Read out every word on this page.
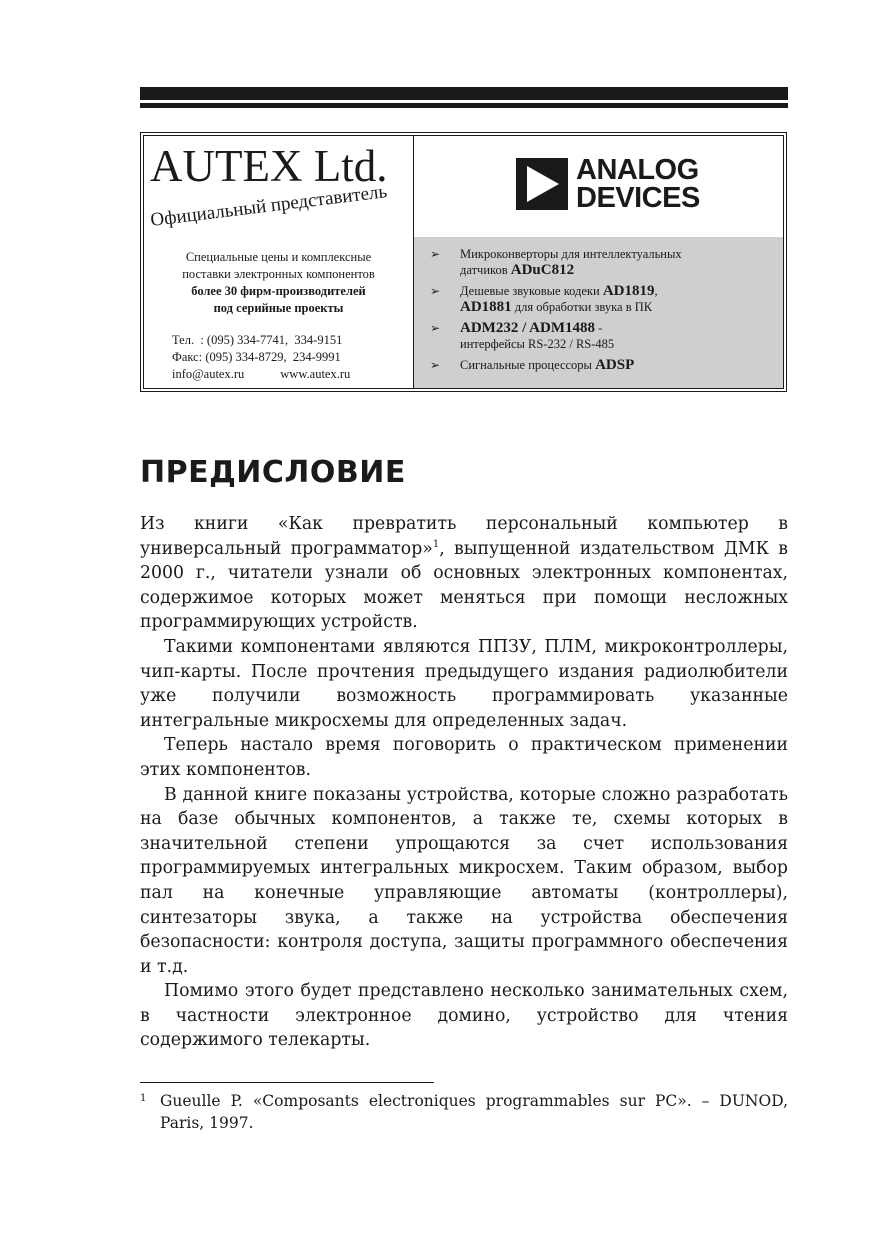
AUTEX Ltd.
Официальный представитель
Специальные цены и комплексные
поставки электронных компонентов
более 30 фирм-производителей
под серийные проекты
Тел.  : (095) 334-7741,  334-9151
Факс: (095) 334-8729,  234-9991
info@autex.ru	www.autex.ru
ANALOG
DEVICES
➢ Микроконверторы для интеллектуальных
датчиков ADuC812
➢ Дешевые звуковые кодеки AD1819,
AD1881 для обработки звука в ПК
➢ ADM232 / ADM1488 -
интерфейсы RS-232 / RS-485
➢ Сигнальные процессоры ADSP
ПРЕДИСЛОВИЕ

Из книги «Как превратить персональный компьютер в универсальный программатор»$^1$, выпущенной издательством ДМК в 2000 г., читатели узнали об основных электронных компонентах, содержимое которых может меняться при помощи несложных программирующих устройств.

Такими компонентами являются ППЗУ, ПЛМ, микроконтроллеры, чип-карты. После прочтения предыдущего издания радиолюбители уже получили возможность программировать указанные интегральные микросхемы для определенных задач.

Теперь настало время поговорить о практическом применении этих компонентов.

В данной книге показаны устройства, которые сложно разработать на базе обычных компонентов, а также те, схемы которых в значительной степени упрощаются за счет использования программируемых интегральных микросхем. Таким образом, выбор пал на конечные управляющие автоматы (контроллеры), синтезаторы звука, а также на устройства обеспечения безопасности: контроля доступа, защиты программного обеспечения и т.д.

Помимо этого будет представлено несколько занимательных схем, в частности электронное домино, устройство для чтения содержимого телекарты.

1 Gueulle P. «Composants electroniques programmables sur PC». – DUNOD, Paris, 1997.
